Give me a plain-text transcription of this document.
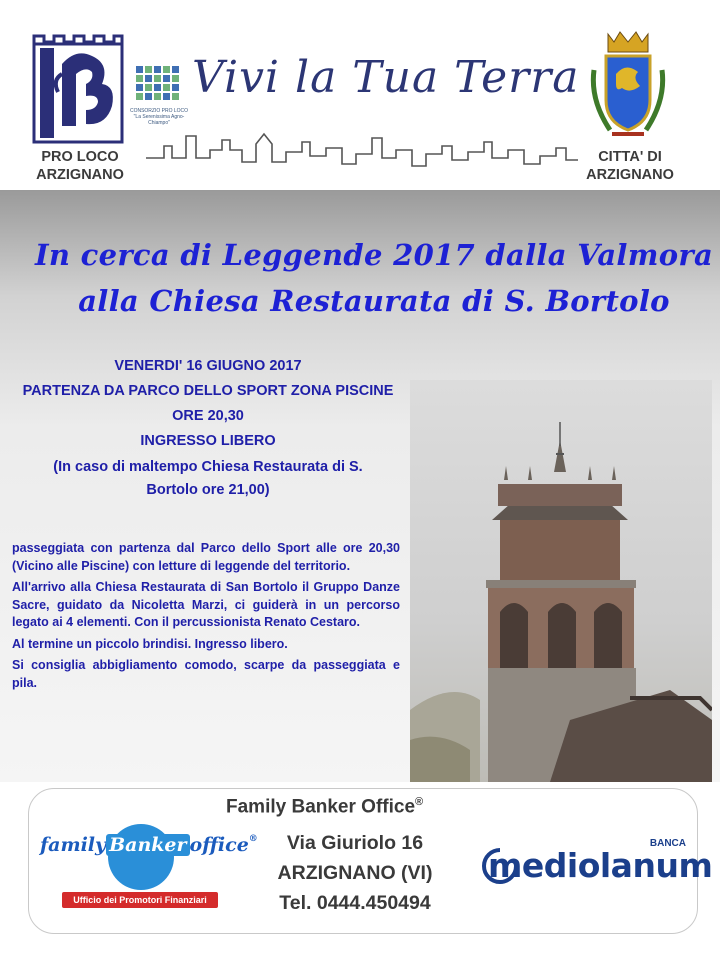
PRO LOCO
ARZIGNANO
CONSORZIO PRO LOCO
"La Serenissima Agno-Chiampo"
Vivi la Tua Terra
CITTA' DI
ARZIGNANO
In cerca di Leggende 2017 dalla Valmora
alla Chiesa Restaurata di S. Bortolo
VENERDI' 16 GIUGNO 2017
PARTENZA DA PARCO DELLO SPORT ZONA PISCINE
ORE 20,30
INGRESSO LIBERO
(In caso di maltempo Chiesa Restaurata di S. Bortolo ore 21,00)

passeggiata con partenza dal Parco dello Sport alle ore 20,30 (Vicino alle Piscine) con letture di leggende del territorio.

All'arrivo alla Chiesa Restaurata di San Bortolo il Gruppo Danze Sacre, guidato da Nicoletta Marzi, ci guiderà in un percorso legato ai 4 elementi. Con il percussionista Renato Cestaro.

Al termine un piccolo brindisi. Ingresso libero.

Si consiglia abbigliamento comodo, scarpe da passeggiata e pila.

Family Banker Office®
Via Giuriolo 16
ARZIGNANO (VI)
Tel. 0444.450494
family Banker office®
Ufficio dei Promotori Finanziari
BANCA
mediolanum
